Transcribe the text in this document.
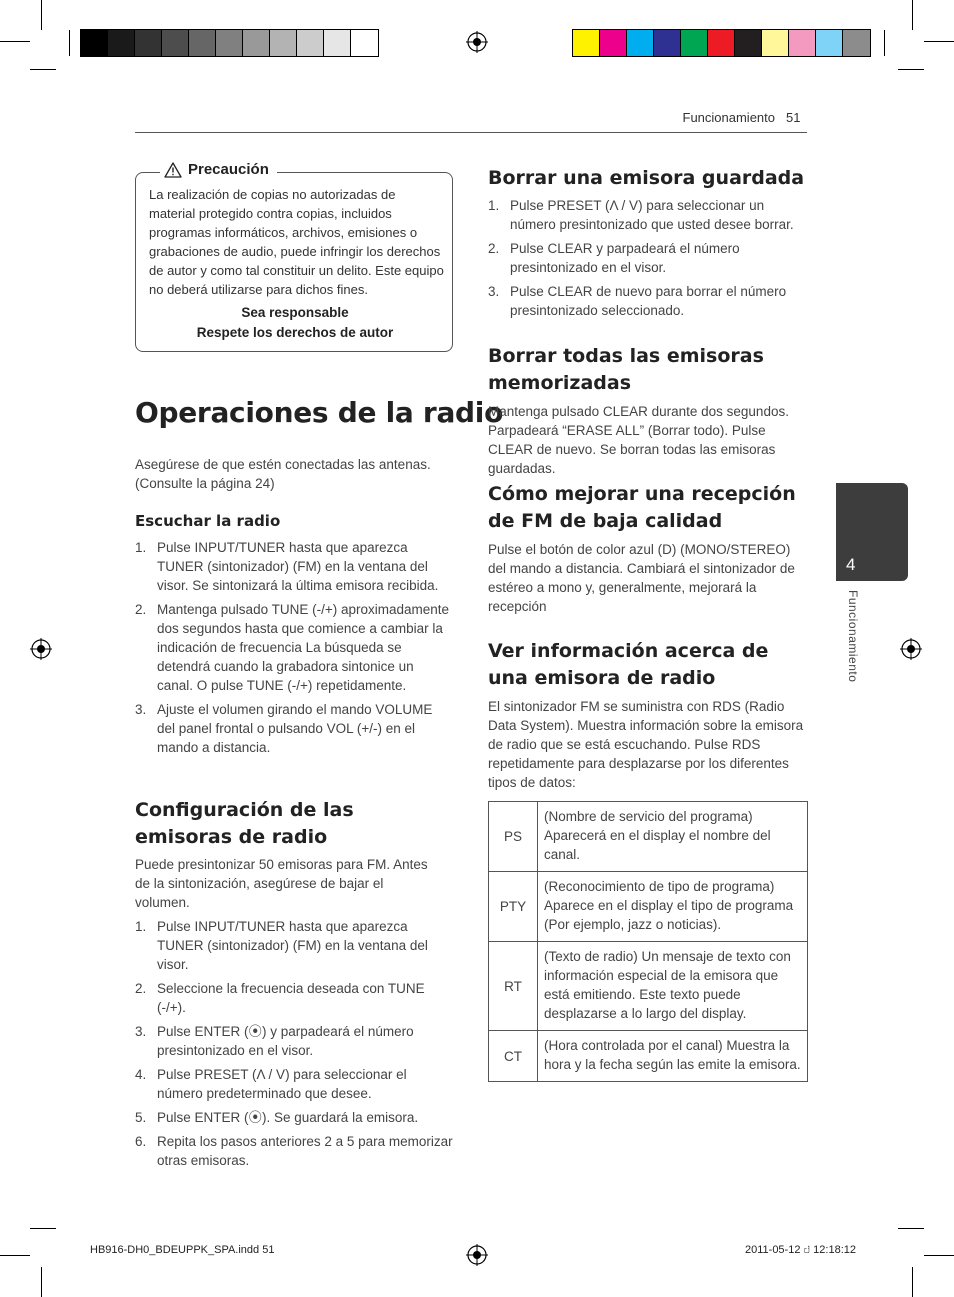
Funcionamiento 51
Precaución
La realización de copias no autorizadas de material protegido contra copias, incluidos programas informáticos, archivos, emisiones o grabaciones de audio, puede infringir los derechos de autor y como tal constituir un delito. Este equipo no deberá utilizarse para dichos fines.
Sea responsable
Respete los derechos de autor
Operaciones de la radio
Asegúrese de que estén conectadas las antenas. (Consulte la página 24)
Escuchar la radio
1. Pulse INPUT/TUNER hasta que aparezca TUNER (sintonizador) (FM) en la ventana del visor. Se sintonizará la última emisora recibida.
2. Mantenga pulsado TUNE (-/+) aproximadamente dos segundos hasta que comience a cambiar la indicación de frecuencia La búsqueda se detendrá cuando la grabadora sintonice un canal. O pulse TUNE (-/+) repetidamente.
3. Ajuste el volumen girando el mando VOLUME del panel frontal o pulsando VOL (+/-) en el mando a distancia.
Configuración de las emisoras de radio
Puede presintonizar 50 emisoras para FM. Antes de la sintonización, asegúrese de bajar el volumen.
1. Pulse INPUT/TUNER hasta que aparezca TUNER (sintonizador) (FM) en la ventana del visor.
2. Seleccione la frecuencia deseada con TUNE (-/+).
3. Pulse ENTER (⦿) y parpadeará el número presintonizado en el visor.
4. Pulse PRESET (Λ / V) para seleccionar el número predeterminado que desee.
5. Pulse ENTER (⦿). Se guardará la emisora.
6. Repita los pasos anteriores 2 a 5 para memorizar otras emisoras.
Borrar una emisora guardada
1. Pulse PRESET (Λ / V) para seleccionar un número presintonizado que usted desee borrar.
2. Pulse CLEAR y parpadeará el número presintonizado en el visor.
3. Pulse CLEAR de nuevo para borrar el número presintonizado seleccionado.
Borrar todas las emisoras memorizadas
Mantenga pulsado CLEAR durante dos segundos. Parpadeará “ERASE ALL” (Borrar todo). Pulse CLEAR de nuevo. Se borran todas las emisoras guardadas.
Cómo mejorar una recepción de FM de baja calidad
Pulse el botón de color azul (D) (MONO/STEREO) del mando a distancia. Cambiará el sintonizador de estéreo a mono y, generalmente, mejorará la recepción
Ver información acerca de una emisora de radio
El sintonizador FM se suministra con RDS (Radio Data System). Muestra información sobre la emisora de radio que se está escuchando. Pulse RDS repetidamente para desplazarse por los diferentes tipos de datos:
PS	(Nombre de servicio del programa) Aparecerá en el display el nombre del canal.
PTY	(Reconocimiento de tipo de programa) Aparece en el display el tipo de programa (Por ejemplo, jazz o noticias).
RT	(Texto de radio) Un mensaje de texto con información especial de la emisora que está emitiendo. Este texto puede desplazarse a lo largo del display.
CT	(Hora controlada por el canal) Muestra la hora y la fecha según las emite la emisora.
4
Funcionamiento
HB916-DH0_BDEUPPK_SPA.indd 51	2011-05-12 ꤓ 12:18:12
